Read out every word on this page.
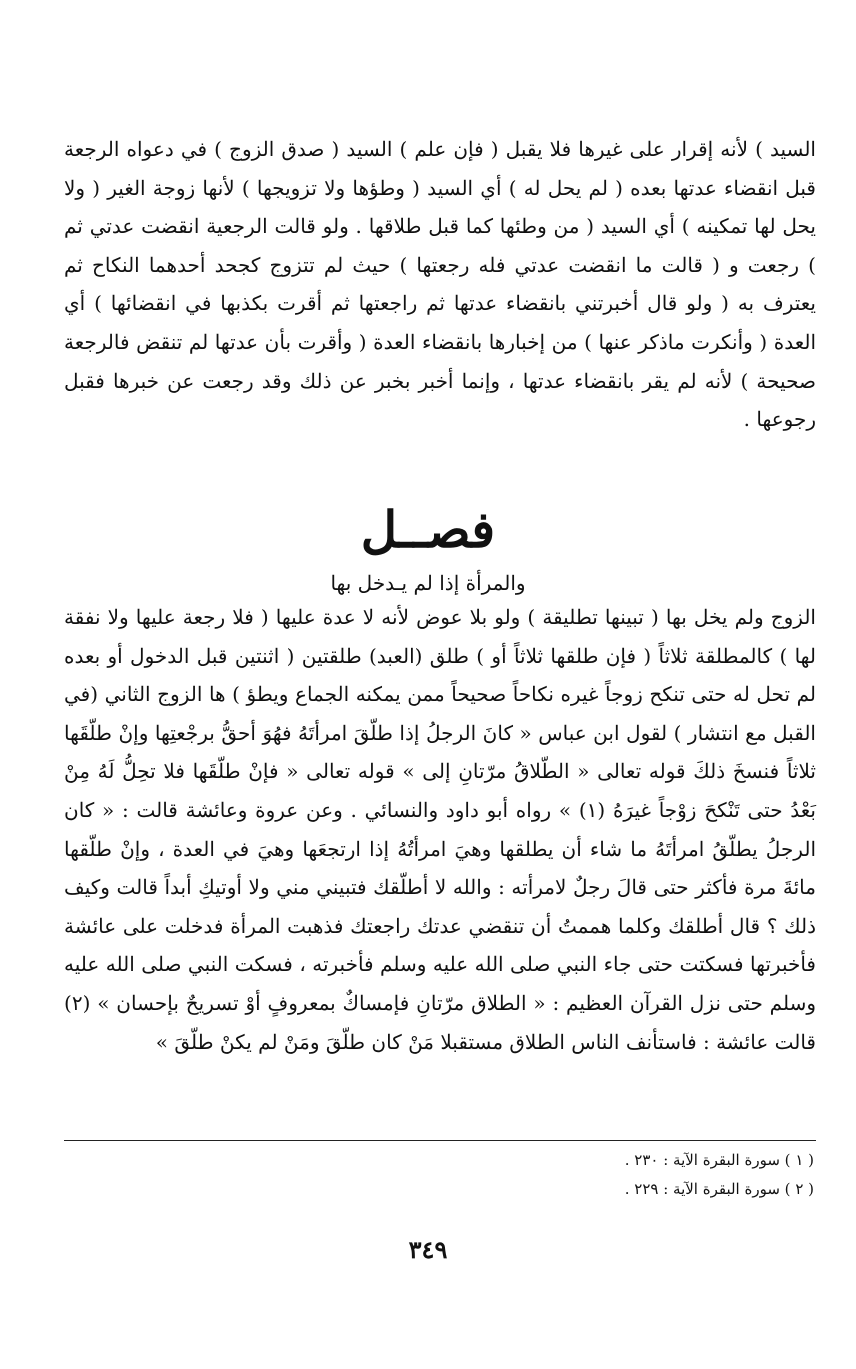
السيد ) لأنه إقرار على غيرها فلا يقبل ( فإن علم ) السيد ( صدق الزوج ) في دعواه الرجعة قبل انقضاء عدتها بعده ( لم يحل له ) أي السيد ( وطؤها ولا تزويجها ) لأنها زوجة الغير ( ولا يحل لها تمكينه ) أي السيد ( من وطئها كما قبل طلاقها . ولو قالت الرجعية انقضت عدتي ثم ) رجعت و ( قالت ما انقضت عدتي فله رجعتها ) حيث لم تتزوج كجحد أحدهما النكاح ثم يعترف به ( ولو قال أخبرتني بانقضاء عدتها ثم راجعتها ثم أقرت بكذبها في انقضائها ) أي العدة ( وأنكرت ماذكر عنها ) من إخبارها بانقضاء العدة ( وأقرت بأن عدتها لم تنقض فالرجعة صحيحة ) لأنه لم يقر بانقضاء عدتها ، وإنما أخبر بخبر عن ذلك وقد رجعت عن خبرها فقبل رجوعها .

فصــل
والمرأة إذا لم يـدخل بها

الزوج ولم يخل بها ( تبينها تطليقة ) ولو بلا عوض لأنه لا عدة عليها ( فلا رجعة عليها ولا نفقة لها ) كالمطلقة ثلاثاً ( فإن طلقها ثلاثاً أو ) طلق (العبد) طلقتين ( اثنتين قبل الدخول أو بعده لم تحل له حتى تنكح زوجاً غيره نكاحاً صحيحاً ممن يمكنه الجماع ويطؤ ) ها الزوج الثاني (في القبل مع انتشار ) لقول ابن عباس « كانَ الرجلُ إذا طلّقَ امرأتَهُ فهُوَ أحقُّ برجْعتِها وإنْ طلّقَها ثلاثاً فنسخَ ذلكَ قوله تعالى « الطّلاقُ مرّتانِ إلى » قوله تعالى « فإنْ طلّقَها فلا تحِلُّ لَهُ مِنْ بَعْدُ حتى تَنْكحَ زوْجاً غيرَهُ (١) » رواه أبو داود والنسائي . وعن عروة وعائشة قالت : « كان الرجلُ يطلّقُ امرأتَهُ ما شاء أن يطلقها وهيَ امرأتُهُ إذا ارتجعَها وهيَ في العدة ، وإنْ طلّقها مائةَ مرة فأكثر حتى قالَ رجلٌ لامرأته : والله لا أطلّقك فتبيني مني ولا أوتيكِ أبداً قالت وكيف ذلك ؟ قال أطلقك وكلما هممتُ أن تنقضي عدتك راجعتك فذهبت المرأة فدخلت على عائشة فأخبرتها فسكتت حتى جاء النبي صلى الله عليه وسلم فأخبرته ، فسكت النبي صلى الله عليه وسلم حتى نزل القرآن العظيم : « الطلاق مرّتانِ فإمساكٌ بمعروفٍ أوْ تسريحٌ بإحسان » (٢) قالت عائشة : فاستأنف الناس الطلاق مستقبلا مَنْ كان طلّقَ ومَنْ لم يكنْ طلّقَ »

( ١ ) سورة البقرة الآية : ٢٣٠ .
( ٢ ) سورة البقرة الآية : ٢٢٩ .
٣٤٩
